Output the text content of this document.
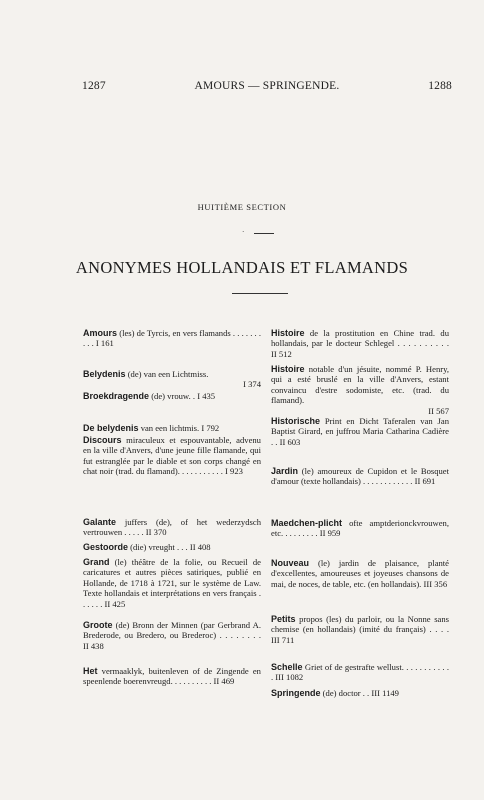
1287	AMOURS — SPRINGENDE.	1288
HUITIÈME SECTION
·
ANONYMES HOLLANDAIS ET FLAMANDS
Amours (les) de Tyrcis, en vers flamands . . . . . . . . . . I 161
Belydenis (de) van een Lichtmiss.
I 374
Broekdragende (de) vrouw. . I 435
De belydenis van een lichtmis. I 792
Discours miraculeux et espouvantable, advenu en la ville d'Anvers, d'une jeune fille flamande, qui fut estranglée par le diable et son corps changé en chat noir (trad. du flamand). . . . . . . . . . . I 923
Galante juffers (de), of het wederzydsch vertrouwen . . . . . II 370
Gestoorde (die) vreught . . . II 408
Grand (le) théâtre de la folie, ou Recueil de caricatures et autres pièces satiriques, publié en Hollande, de 1718 à 1721, sur le système de Law. Texte hollandais et interprétations en vers français . . . . . . II 425
Groote (de) Bronn der Minnen (par Gerbrand A. Brederode, ou Bredero, ou Brederoc) . . . . . . . . II 438
Het vermaaklyk, buitenleven of de Zingende en speenlende boerenvreugd. . . . . . . . . . II 469
Histoire de la prostitution en Chine trad. du hollandais, par le docteur Schlegel . . . . . . . . . . II 512
Histoire notable d'un jésuite, nommé P. Henry, qui a esté bruslé en la ville d'Anvers, estant convaincu d'estre sodomiste, etc. (trad. du flamand).
II 567
Historische Print en Dicht Taferalen van Jan Baptist Girard, en juffrou Maria Catharina Cadière . . II 603
Jardin (le) amoureux de Cupidon et le Bosquet d'amour (texte hollandais) . . . . . . . . . . . . II 691
Maedchen-plicht ofte amptderionckvrouwen, etc. . . . . . . . . II 959
Nouveau (le) jardin de plaisance, planté d'excellentes, amoureuses et joyeuses chansons de mai, de noces, de table, etc. (en hollandais). III 356
Petits propos (les) du parloir, ou la Nonne sans chemise (en hollandais) (imité du français) . . . . III 711
Schelle Griet of de gestrafte wellust. . . . . . . . . . . . III 1082
Springende (de) doctor . . III 1149
